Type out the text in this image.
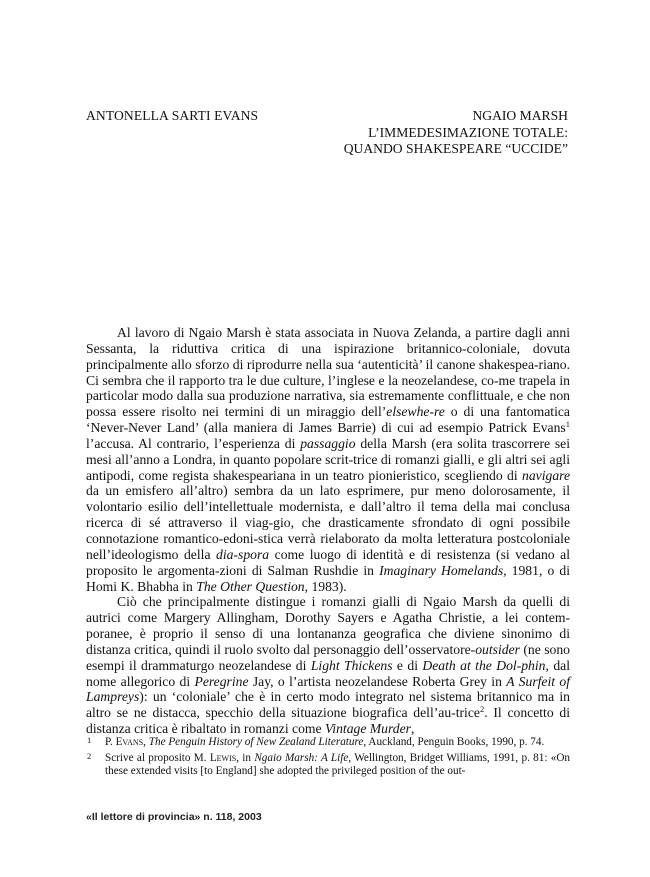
ANTONELLA SARTI EVANS	NGAIO MARSH
L’IMMEDESIMAZIONE TOTALE:
QUANDO SHAKESPEARE “UCCIDE”

Al lavoro di Ngaio Marsh è stata associata in Nuova Zelanda, a partire dagli anni Sessanta, la riduttiva critica di una ispirazione britannico-coloniale, dovuta principalmente allo sforzo di riprodurre nella sua ‘autenticità’ il canone shakespea-riano. Ci sembra che il rapporto tra le due culture, l’inglese e la neozelandese, co-me trapela in particolar modo dalla sua produzione narrativa, sia estremamente conflittuale, e che non possa essere risolto nei termini di un miraggio dell’elsewhe-re o di una fantomatica ‘Never-Never Land’ (alla maniera di James Barrie) di cui ad esempio Patrick Evans$^1$ l’accusa. Al contrario, l’esperienza di passaggio della Marsh (era solita trascorrere sei mesi all’anno a Londra, in quanto popolare scrit-trice di romanzi gialli, e gli altri sei agli antipodi, come regista shakespeariana in un teatro pionieristico, scegliendo di navigare da un emisfero all’altro) sembra da un lato esprimere, pur meno dolorosamente, il volontario esilio dell’intellettuale modernista, e dall’altro il tema della mai conclusa ricerca di sé attraverso il viag-gio, che drasticamente sfrondato di ogni possibile connotazione romantico-edoni-stica verrà rielaborato da molta letteratura postcoloniale nell’ideologismo della dia-spora come luogo di identità e di resistenza (si vedano al proposito le argomenta-zioni di Salman Rushdie in Imaginary Homelands, 1981, o di Homi K. Bhabha in The Other Question, 1983).

Ciò che principalmente distingue i romanzi gialli di Ngaio Marsh da quelli di autrici come Margery Allingham, Dorothy Sayers e Agatha Christie, a lei contem-poranee, è proprio il senso di una lontananza geografica che diviene sinonimo di distanza critica, quindi il ruolo svolto dal personaggio dell’osservatore-outsider (ne sono esempi il drammaturgo neozelandese di Light Thickens e di Death at the Dol-phin, dal nome allegorico di Peregrine Jay, o l’artista neozelandese Roberta Grey in A Surfeit of Lampreys): un ‘coloniale’ che è in certo modo integrato nel sistema britannico ma in altro se ne distacca, specchio della situazione biografica dell’au-trice$^2$. Il concetto di distanza critica è ribaltato in romanzi come Vintage Murder,

1 P. Evans, The Penguin History of New Zealand Literature, Auckland, Penguin Books, 1990, p. 74.
2 Scrive al proposito M. Lewis, in Ngaio Marsh: A Life, Wellington, Bridget Williams, 1991, p. 81: «On these extended visits [to England] she adopted the privileged position of the out-
«Il lettore di provincia» n. 118, 2003
